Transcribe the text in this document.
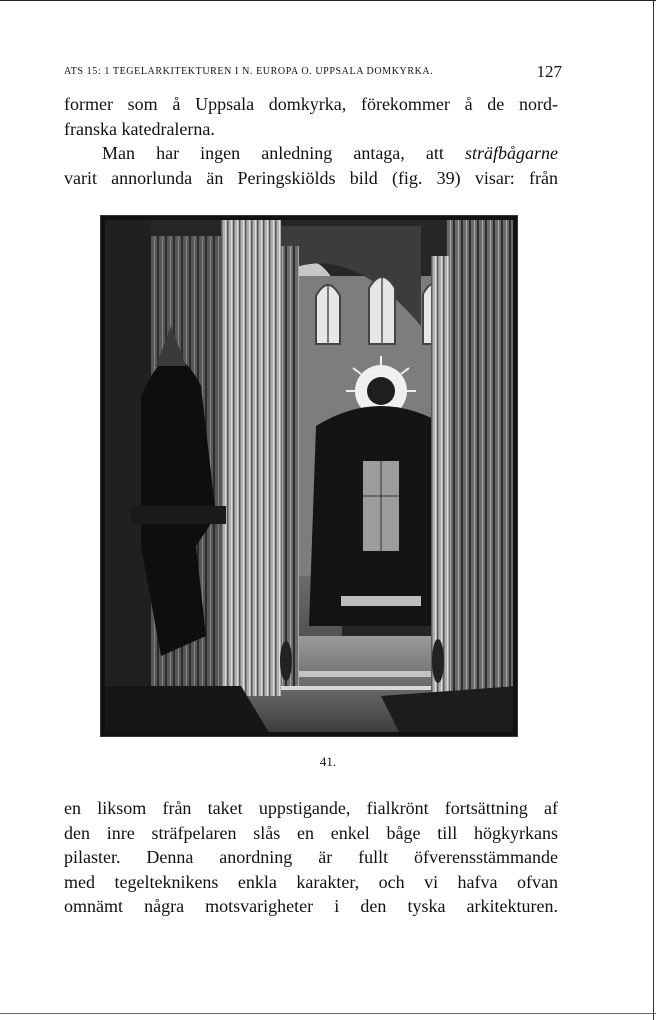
ATS 15: 1 TEGELARKITEKTUREN I N. EUROPA O. UPPSALA DOMKYRKA.	127
former som å Uppsala domkyrka, förekommer å de nord-
franska katedralerna.
Man har ingen anledning antaga, att sträfbågarne
varit annorlunda än Peringskiölds bild (fig. 39) visar: från
41.
en liksom från taket uppstigande, fialkrönt fortsättning af
den inre sträfpelaren slås en enkel båge till högkyrkans
pilaster. Denna anordning är fullt öfverensstämmande
med tegelteknikens enkla karakter, och vi hafva ofvan
omnämt några motsvarigheter i den tyska arkitekturen.
